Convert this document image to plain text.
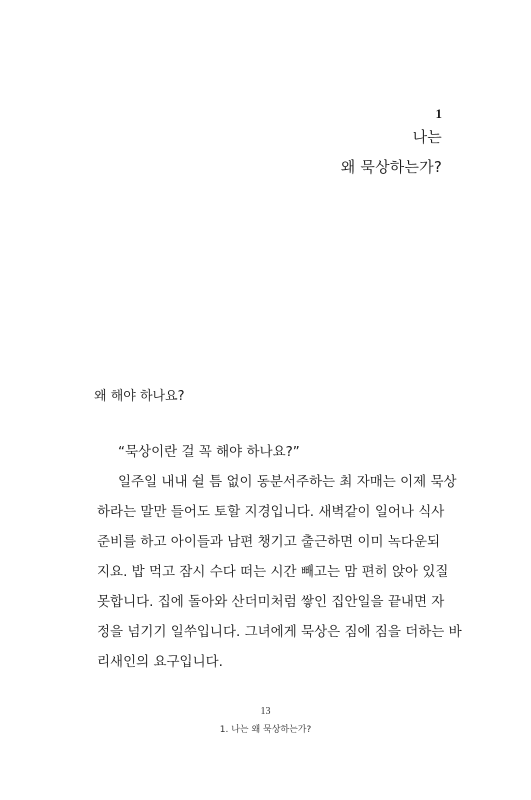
1
나는
왜 묵상하는가?
왜 해야 하나요?
“묵상이란 걸 꼭 해야 하나요?”
일주일 내내 쉴 틈 없이 동분서주하는 최 자매는 이제 묵상
하라는 말만 들어도 토할 지경입니다. 새벽같이 일어나 식사
준비를 하고 아이들과 남편 챙기고 출근하면 이미 녹다운되
지요. 밥 먹고 잠시 수다 떠는 시간 빼고는 맘 편히 앉아 있질
못합니다. 집에 돌아와 산더미처럼 쌓인 집안일을 끝내면 자
정을 넘기기 일쑤입니다. 그녀에게 묵상은 짐에 짐을 더하는 바
리새인의 요구입니다.
13
1. 나는 왜 묵상하는가?
